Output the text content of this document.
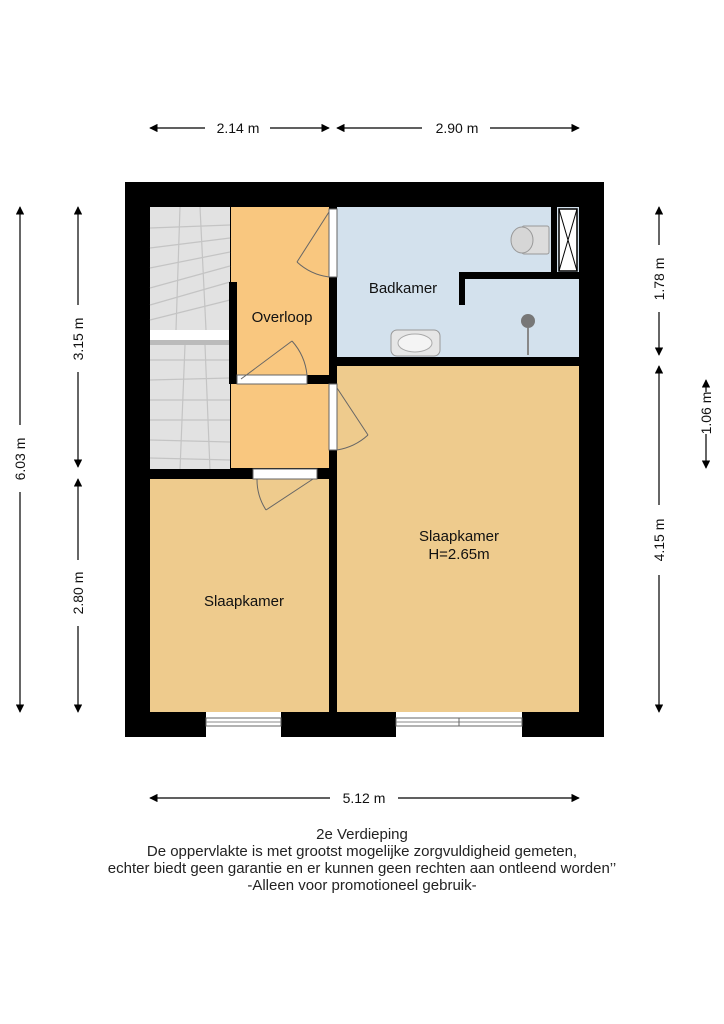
Overloop
Badkamer
Slaapkamer
H=2.65m
Slaapkamer
2.14 m	2.90 m
5.12 m
6.03 m
3.15 m
2.80 m
1.78 m
1.06 m
4.15 m
2e Verdieping
De oppervlakte is met grootst mogelijke zorgvuldigheid gemeten,
echter biedt geen garantie en er kunnen geen rechten aan ontleend worden’’
-Alleen voor promotioneel gebruik-
